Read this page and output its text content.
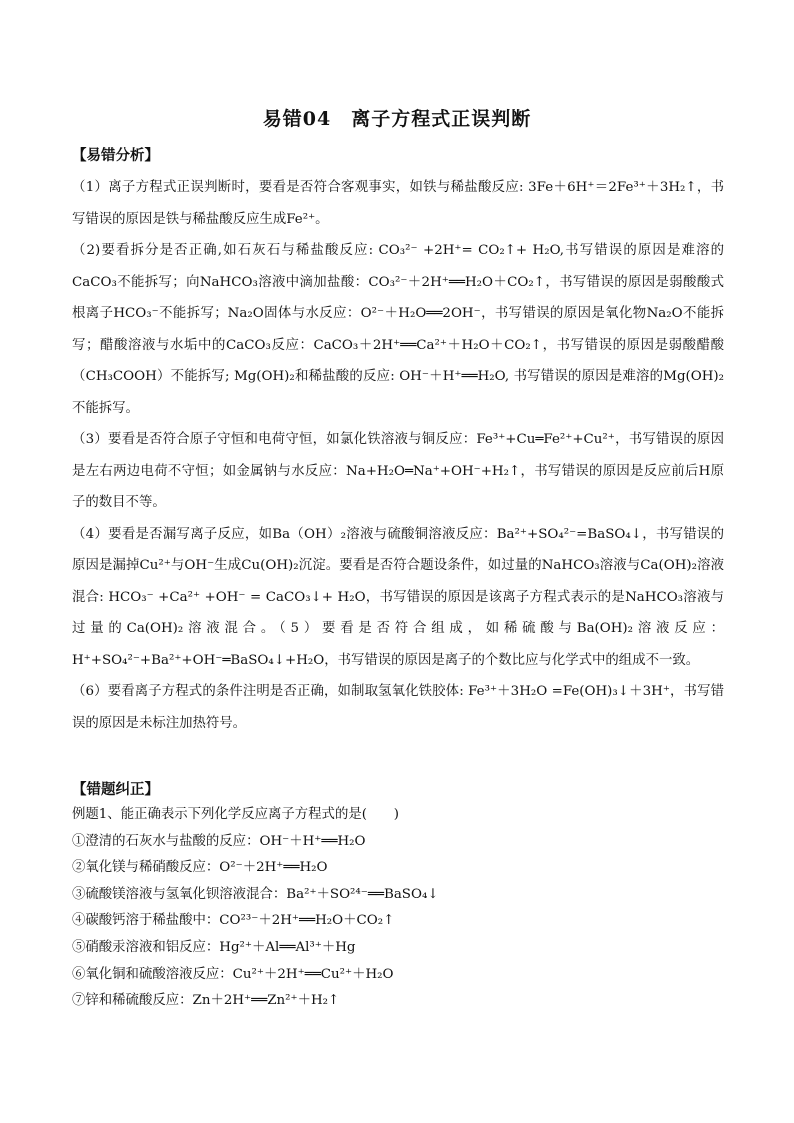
易错04　离子方程式正误判断
【易错分析】

（1）离子方程式正误判断时，要看是否符合客观事实，如铁与稀盐酸反应: 3Fe＋6H⁺＝2Fe³⁺＋3H₂↑，书写错误的原因是铁与稀盐酸反应生成Fe²⁺。

（2)要看拆分是否正确,如石灰石与稀盐酸反应: CO₃²⁻ +2H⁺= CO₂↑+ H₂O,书写错误的原因是难溶的CaCO₃不能拆写；向NaHCO₃溶液中滴加盐酸：CO₃²⁻＋2H⁺══H₂O＋CO₂↑，书写错误的原因是弱酸酸式根离子HCO₃⁻不能拆写；Na₂O固体与水反应：O²⁻＋H₂O══2OH⁻，书写错误的原因是氧化物Na₂O不能拆写；醋酸溶液与水垢中的CaCO₃反应：CaCO₃＋2H⁺══Ca²⁺＋H₂O＋CO₂↑，书写错误的原因是弱酸醋酸（CH₃COOH）不能拆写; Mg(OH)₂和稀盐酸的反应: OH⁻＋H⁺══H₂O, 书写错误的原因是难溶的Mg(OH)₂不能拆写。

（3）要看是否符合原子守恒和电荷守恒，如氯化铁溶液与铜反应：Fe³⁺+Cu═Fe²⁺+Cu²⁺，书写错误的原因是左右两边电荷不守恒；如金属钠与水反应：Na+H₂O═Na⁺+OH⁻+H₂↑，书写错误的原因是反应前后H原子的数目不等。

（4）要看是否漏写离子反应，如Ba（OH）₂溶液与硫酸铜溶液反应：Ba²⁺+SO₄²⁻=BaSO₄↓，书写错误的原因是漏掉Cu²⁺与OH⁻生成Cu(OH)₂沉淀。要看是否符合题设条件，如过量的NaHCO₃溶液与Ca(OH)₂溶液混合: HCO₃⁻ +Ca²⁺ +OH⁻ = CaCO₃↓+ H₂O，书写错误的原因是该离子方程式表示的是NaHCO₃溶液与过量的Ca(OH)₂溶液混合。（5）要看是否符合组成，如稀硫酸与Ba(OH)₂溶液反应：H⁺+SO₄²⁻+Ba²⁺+OH⁻═BaSO₄↓+H₂O，书写错误的原因是离子的个数比应与化学式中的组成不一致。

（6）要看离子方程式的条件注明是否正确，如制取氢氧化铁胶体: Fe³⁺＋3H₂O =Fe(OH)₃↓＋3H⁺，书写错误的原因是未标注加热符号。

【错题纠正】
例题1、能正确表示下列化学反应离子方程式的是(　　)
①澄清的石灰水与盐酸的反应：OH⁻＋H⁺══H₂O
②氧化镁与稀硝酸反应：O²⁻＋2H⁺══H₂O
③硫酸镁溶液与氢氧化钡溶液混合：Ba²⁺＋SO²⁴⁻══BaSO₄↓
④碳酸钙溶于稀盐酸中：CO²³⁻＋2H⁺══H₂O＋CO₂↑
⑤硝酸汞溶液和铝反应：Hg²⁺＋Al══Al³⁺＋Hg
⑥氧化铜和硫酸溶液反应：Cu²⁺＋2H⁺══Cu²⁺＋H₂O
⑦锌和稀硫酸反应：Zn＋2H⁺══Zn²⁺＋H₂↑
